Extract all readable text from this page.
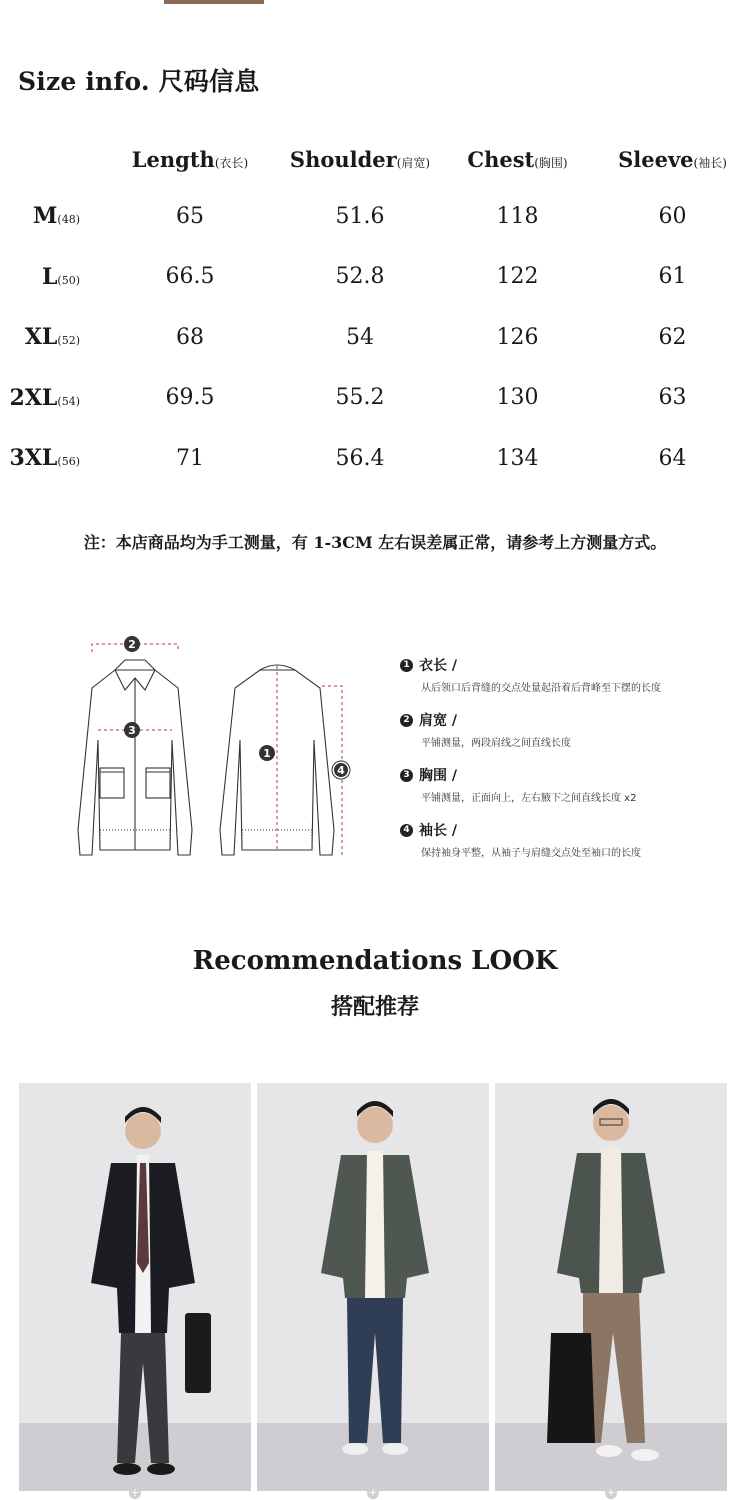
Size info. 尺码信息
	Length(衣长)	Shoulder(肩宽)	Chest(胸围)	Sleeve(袖长)
M(48)	65	51.6	118	60
L(50)	66.5	52.8	122	61
XL(52)	68	54	126	62
2XL(54)	69.5	55.2	130	63
3XL(56)	71	56.4	134	64
注：本店商品均为手工测量，有 1-3CM 左右误差属正常，请参考上方测量方式。
2
3
1
4
1 衣长 /
从后领口后背缝的交点处量起沿着后背峰至下摆的长度
2 肩宽 /
平铺测量，两段肩线之间直线长度
3 胸围 /
平铺测量，正面向上，左右腋下之间直线长度 x2
4 袖长 /
保持袖身平整，从袖子与肩缝交点处至袖口的长度
Recommendations LOOK
搭配推荐
+	+	+
